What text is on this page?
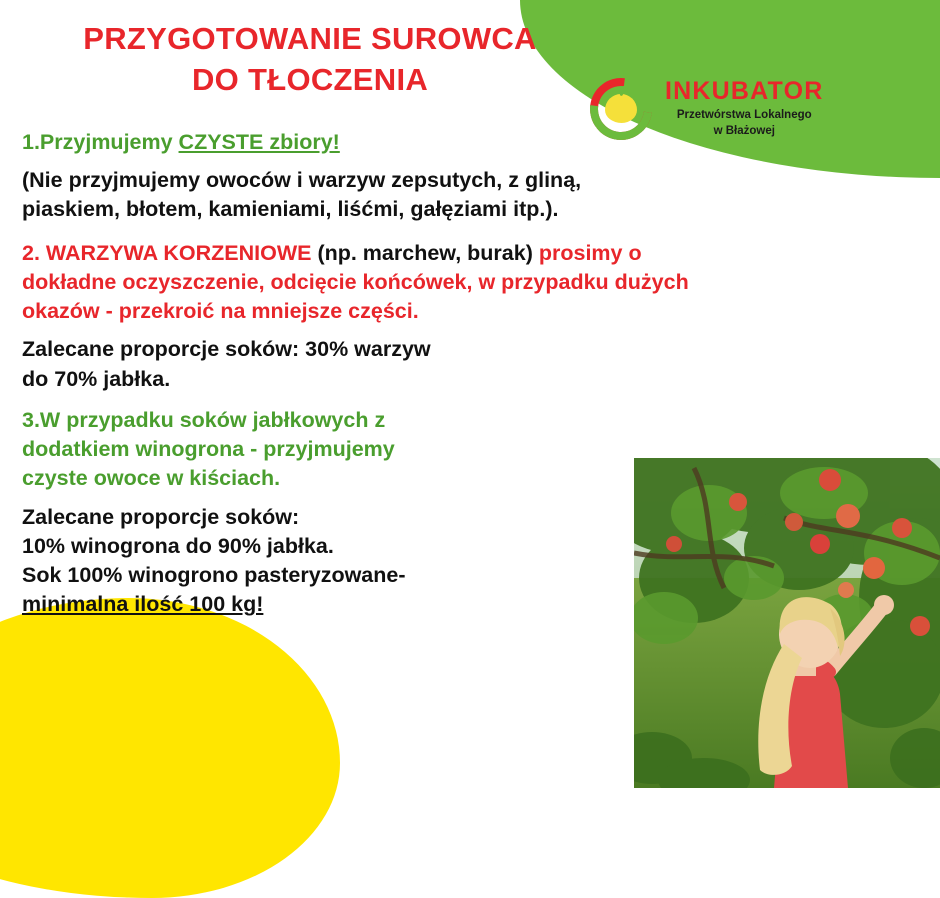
PRZYGOTOWANIE SUROWCA
DO TŁOCZENIA	INKUBATOR
Przetwórstwa Lokalnego
w Błażowej
1.Przyjmujemy CZYSTE zbiory!
(Nie przyjmujemy owoców i warzyw zepsutych, z gliną,
piaskiem, błotem, kamieniami, liśćmi, gałęziami itp.).
2. WARZYWA KORZENIOWE (np. marchew, burak) prosimy o
dokładne oczyszczenie, odcięcie końcówek, w przypadku dużych
okazów - przekroić na mniejsze części.
Zalecane proporcje soków: 30% warzyw
do 70% jabłka.
3.W przypadku soków jabłkowych z
dodatkiem winogrona - przyjmujemy
czyste owoce w kiściach.
Zalecane proporcje soków:
10% winogrona do 90% jabłka.
Sok 100% winogrono pasteryzowane-
minimalna ilość 100 kg!
